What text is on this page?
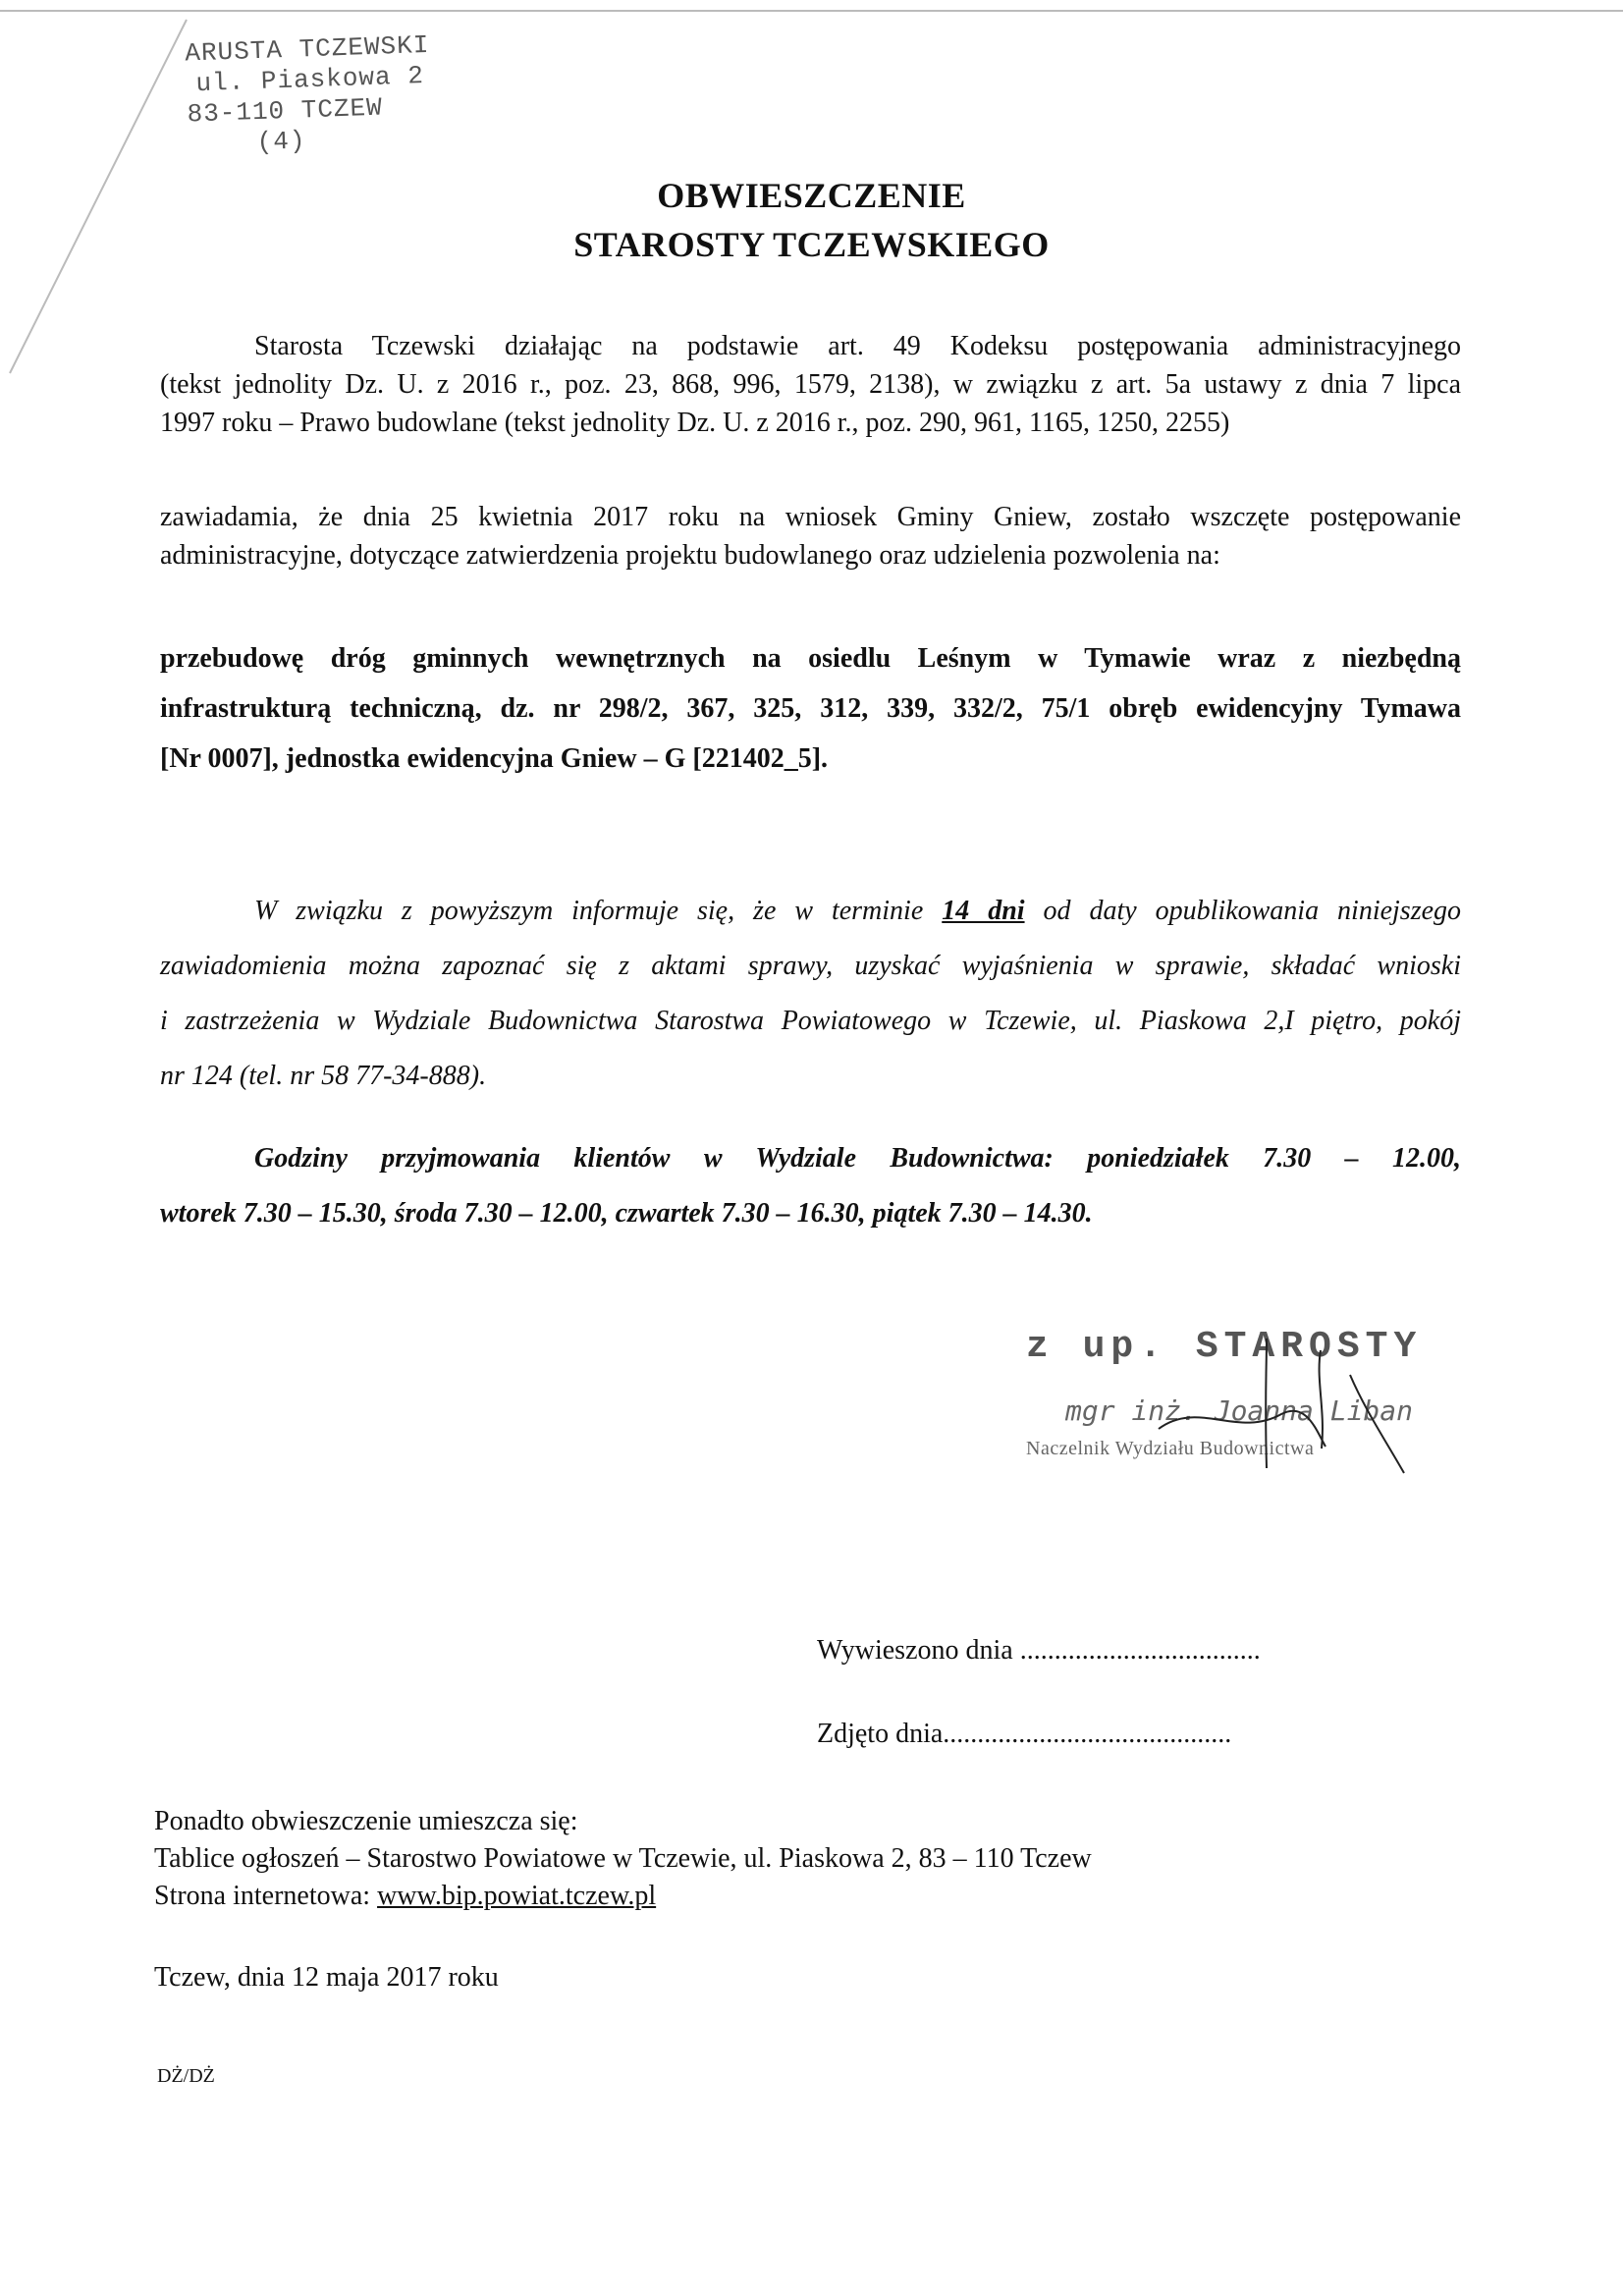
ARUSTA TCZEWSKI
ul. Piaskowa 2
83-110 TCZEW
(4)
OBWIESZCZENIE
STAROSTY TCZEWSKIEGO
Starosta Tczewski działając na podstawie art. 49 Kodeksu postępowania administracyjnego
(tekst jednolity Dz. U. z 2016 r., poz. 23, 868, 996, 1579, 2138), w związku z art. 5a ustawy z dnia 7 lipca
1997 roku – Prawo budowlane (tekst jednolity Dz. U. z 2016 r., poz. 290, 961, 1165, 1250, 2255)
zawiadamia, że dnia 25 kwietnia 2017 roku na wniosek Gminy Gniew, zostało wszczęte postępowanie
administracyjne, dotyczące zatwierdzenia projektu budowlanego oraz udzielenia pozwolenia na:
przebudowę dróg gminnych wewnętrznych na osiedlu Leśnym w Tymawie wraz z niezbędną
infrastrukturą techniczną, dz. nr 298/2, 367, 325, 312, 339, 332/2, 75/1 obręb ewidencyjny Tymawa
[Nr 0007], jednostka ewidencyjna Gniew – G [221402_5].
W związku z powyższym informuje się, że w terminie 14 dni od daty opublikowania niniejszego
zawiadomienia można zapoznać się z aktami sprawy, uzyskać wyjaśnienia w sprawie, składać wnioski
i zastrzeżenia w Wydziale Budownictwa Starostwa Powiatowego w Tczewie, ul. Piaskowa 2,I piętro, pokój
nr 124 (tel. nr 58 77-34-888).
Godziny przyjmowania klientów w Wydziale Budownictwa: poniedziałek 7.30 – 12.00,
wtorek 7.30 – 15.30, środa 7.30 – 12.00, czwartek 7.30 – 16.30, piątek 7.30 – 14.30.
z up. STAROSTY
mgr inż. Joanna Liban
Naczelnik Wydziału Budownictwa
Wywieszono dnia ...................................
Zdjęto dnia..........................................
Ponadto obwieszczenie umieszcza się:
Tablice ogłoszeń – Starostwo Powiatowe w Tczewie, ul. Piaskowa 2, 83 – 110 Tczew
Strona internetowa: www.bip.powiat.tczew.pl
Tczew, dnia 12 maja 2017 roku
DŻ/DŻ
